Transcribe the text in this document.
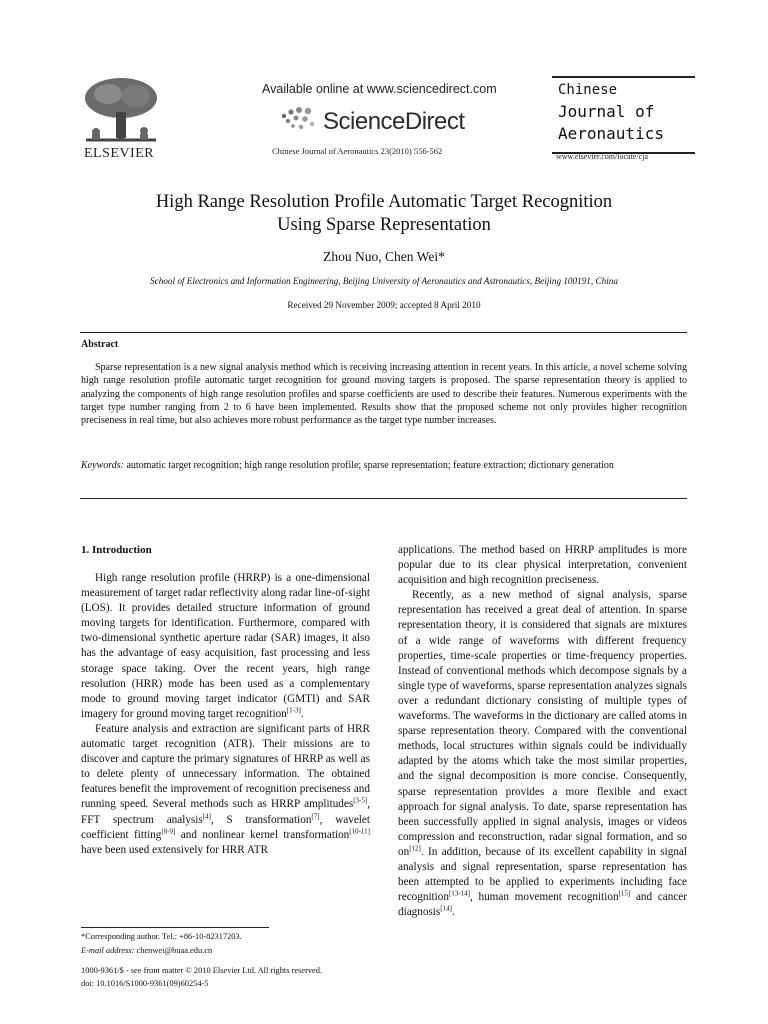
ELSEVIER
Available online at www.sciencedirect.com
ScienceDirect
Chinese Journal of Aeronautics 23(2010) 556-562
Chinese
Journal of
Aeronautics
www.elsevier.com/locate/cja
High Range Resolution Profile Automatic Target Recognition
Using Sparse Representation
Zhou Nuo, Chen Wei*
School of Electronics and Information Engineering, Beijing University of Aeronautics and Astronautics, Beijing 100191, China
Received 29 November 2009; accepted 8 April 2010
Abstract
Sparse representation is a new signal analysis method which is receiving increasing attention in recent years. In this article, a novel scheme solving high range resolution profile automatic target recognition for ground moving targets is proposed. The sparse representation theory is applied to analyzing the components of high range resolution profiles and sparse coefficients are used to describe their features. Numerous experiments with the target type number ranging from 2 to 6 have been implemented. Results show that the proposed scheme not only provides higher recognition preciseness in real time, but also achieves more robust performance as the target type number increases.
Keywords: automatic target recognition; high range resolution profile; sparse representation; feature extraction; dictionary generation
1. Introduction

High range resolution profile (HRRP) is a one-dimensional measurement of target radar reflectivity along radar line-of-sight (LOS). It provides detailed structure information of ground moving targets for identification. Furthermore, compared with two-dimensional synthetic aperture radar (SAR) images, it also has the advantage of easy acquisition, fast processing and less storage space taking. Over the recent years, high range resolution (HRR) mode has been used as a complementary mode to ground moving target indicator (GMTI) and SAR imagery for ground moving target recognition[1-3].

Feature analysis and extraction are significant parts of HRR automatic target recognition (ATR). Their missions are to discover and capture the primary signatures of HRRP as well as to delete plenty of unnecessary information. The obtained features benefit the improvement of recognition preciseness and running speed. Several methods such as HRRP amplitudes[3-5], FFT spectrum analysis[4], S transformation[7], wavelet coefficient fitting[8-9] and nonlinear kernel transformation[10-11] have been used extensively for HRR ATR

applications. The method based on HRRP amplitudes is more popular due to its clear physical interpretation, convenient acquisition and high recognition preciseness.

Recently, as a new method of signal analysis, sparse representation has received a great deal of attention. In sparse representation theory, it is considered that signals are mixtures of a wide range of waveforms with different frequency properties, time-scale properties or time-frequency properties. Instead of conventional methods which decompose signals by a single type of waveforms, sparse representation analyzes signals over a redundant dictionary consisting of multiple types of waveforms. The waveforms in the dictionary are called atoms in sparse representation theory. Compared with the conventional methods, local structures within signals could be individually adapted by the atoms which take the most similar properties, and the signal decomposition is more concise. Consequently, sparse representation provides a more flexible and exact approach for signal analysis. To date, sparse representation has been successfully applied in signal analysis, images or videos compression and reconstruction, radar signal formation, and so on[12]. In addition, because of its excellent capability in signal analysis and signal representation, sparse representation has been attempted to be applied to experiments including face recognition[13-14], human movement recognition[15] and cancer diagnosis[14].

*Corresponding author. Tel.: +86-10-82317203.
E-mail address: chenwei@buaa.edu.cn
1000-9361/$ - see front matter © 2010 Elsevier Ltd. All rights reserved.
doi: 10.1016/S1000-9361(09)60254-5
